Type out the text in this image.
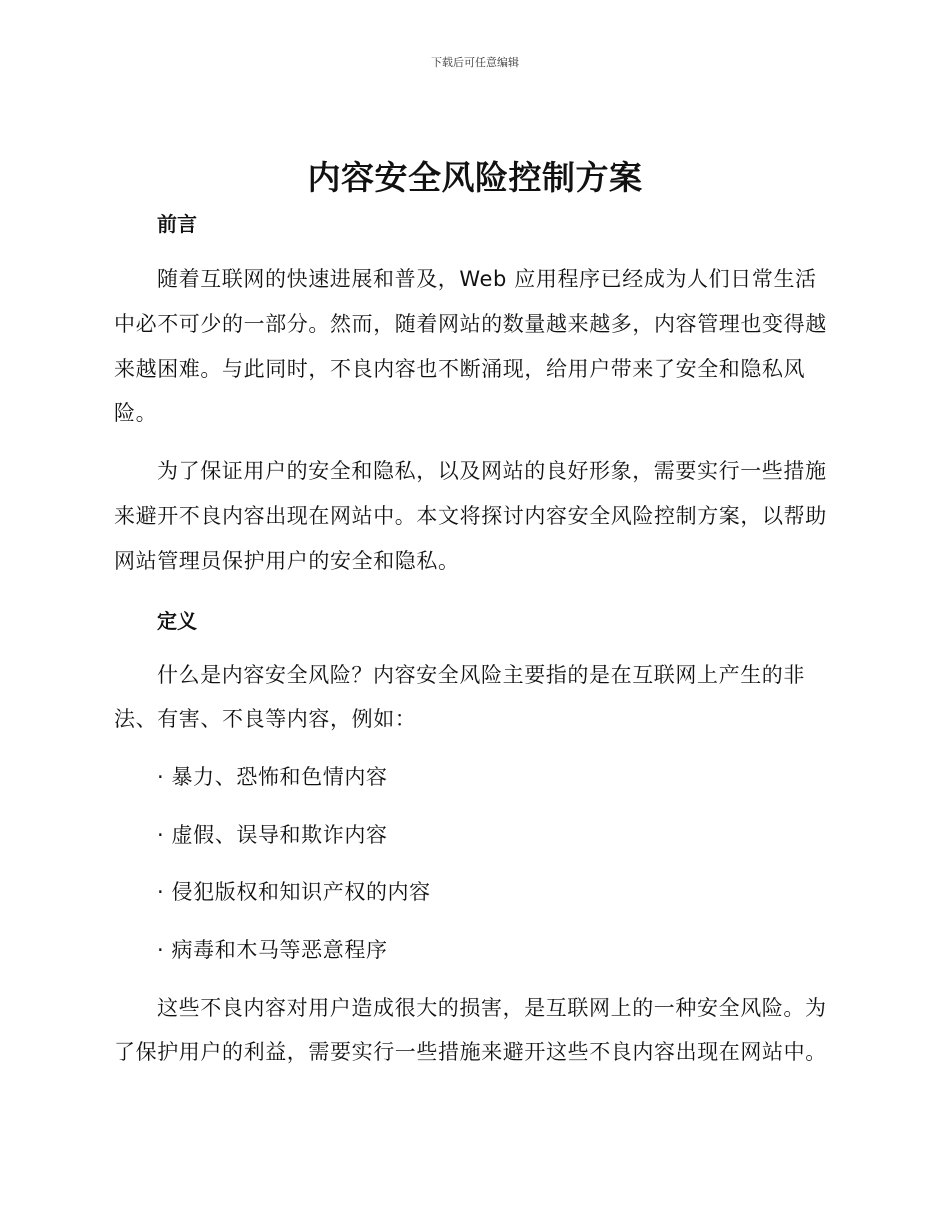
下载后可任意编辑
内容安全风险控制方案
前言
随着互联网的快速进展和普及，Web 应用程序已经成为人们日常生活
中必不可少的一部分。然而，随着网站的数量越来越多，内容管理也变得越
来越困难。与此同时，不良内容也不断涌现，给用户带来了安全和隐私风
险。
为了保证用户的安全和隐私，以及网站的良好形象，需要实行一些措施
来避开不良内容出现在网站中。本文将探讨内容安全风险控制方案，以帮助
网站管理员保护用户的安全和隐私。
定义
什么是内容安全风险？内容安全风险主要指的是在互联网上产生的非
法、有害、不良等内容，例如：
· 暴力、恐怖和色情内容
· 虚假、误导和欺诈内容
· 侵犯版权和知识产权的内容
· 病毒和木马等恶意程序
这些不良内容对用户造成很大的损害，是互联网上的一种安全风险。为
了保护用户的利益，需要实行一些措施来避开这些不良内容出现在网站中。
